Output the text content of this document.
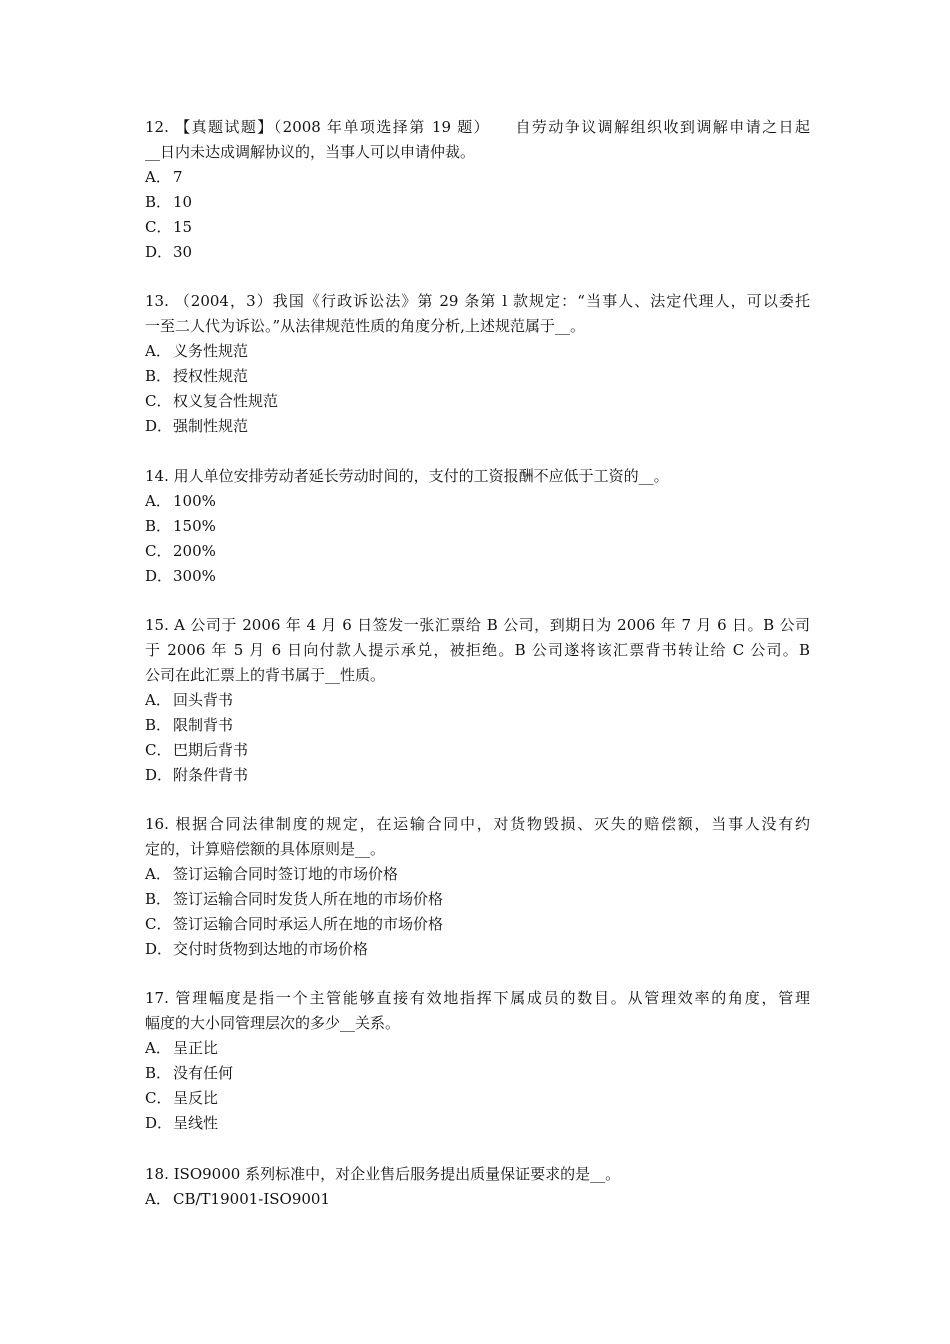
12. 【真题试题】（2008 年单项选择第 19 题）　　自劳动争议调解组织收到调解申请之日起
__日内未达成调解协议的，当事人可以申请仲裁。
A． 7
B． 10
C． 15
D．30
13. （2004，3）我国《行政诉讼法》第 29 条第 l 款规定：“当事人、法定代理人，可以委托
一至二人代为诉讼。”从法律规范性质的角度分析,上述规范属于__。
A． 义务性规范
B． 授权性规范
C． 权义复合性规范
D．强制性规范
14. 用人单位安排劳动者延长劳动时间的，支付的工资报酬不应低于工资的__。
A． 100%
B． 150%
C． 200%
D．300%
15. A 公司于 2006 年 4 月 6 日签发一张汇票给 B 公司，到期日为 2006 年 7 月 6 日。B 公司
于 2006 年 5 月 6 日向付款人提示承兑，被拒绝。B 公司遂将该汇票背书转让给 C 公司。B
公司在此汇票上的背书属于__性质。
A． 回头背书
B． 限制背书
C． 巴期后背书
D．附条件背书
16. 根据合同法律制度的规定，在运输合同中，对货物毁损、灭失的赔偿额，当事人没有约
定的，计算赔偿额的具体原则是__。
A． 签订运输合同时签订地的市场价格
B． 签订运输合同时发货人所在地的市场价格
C． 签订运输合同时承运人所在地的市场价格
D．交付时货物到达地的市场价格
17. 管理幅度是指一个主管能够直接有效地指挥下属成员的数目。从管理效率的角度，管理
幅度的大小同管理层次的多少__关系。
A． 呈正比
B． 没有任何
C． 呈反比
D．呈线性
18. ISO9000 系列标准中，对企业售后服务提出质量保证要求的是__。
A． CB/T19001-ISO9001
